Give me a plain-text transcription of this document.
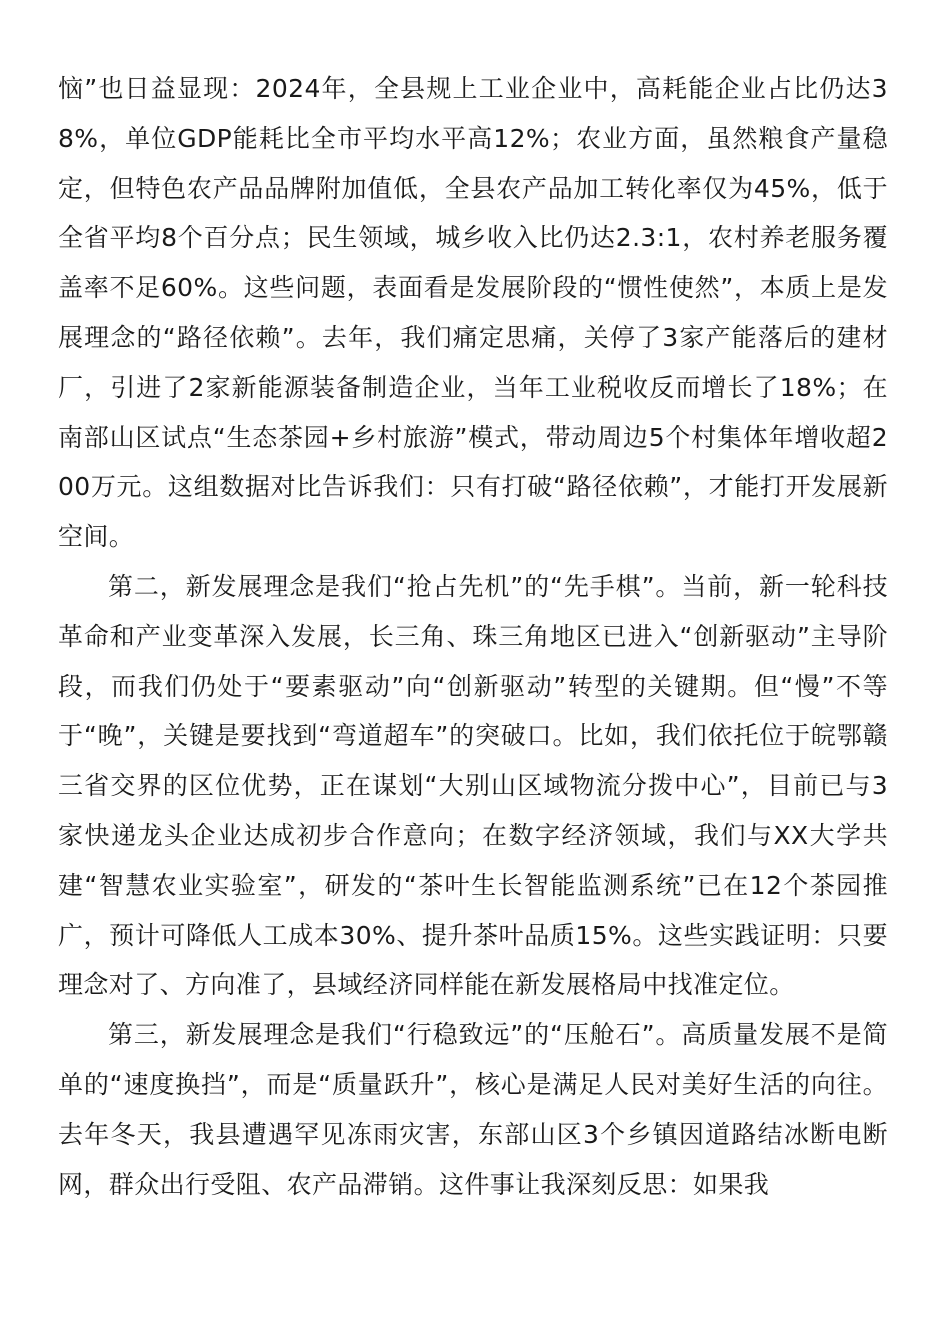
恼”也日益显现：2024年，全县规上工业企业中，高耗能企业占比仍达38%，单位GDP能耗比全市平均水平高12%；农业方面，虽然粮食产量稳定，但特色农产品品牌附加值低，全县农产品加工转化率仅为45%，低于全省平均8个百分点；民生领域，城乡收入比仍达2.3:1，农村养老服务覆盖率不足60%。这些问题，表面看是发展阶段的“惯性使然”，本质上是发展理念的“路径依赖”。去年，我们痛定思痛，关停了3家产能落后的建材厂，引进了2家新能源装备制造企业，当年工业税收反而增长了18%；在南部山区试点“生态茶园+乡村旅游”模式，带动周边5个村集体年增收超200万元。这组数据对比告诉我们：只有打破“路径依赖”，才能打开发展新空间。

第二，新发展理念是我们“抢占先机”的“先手棋”。当前，新一轮科技革命和产业变革深入发展，长三角、珠三角地区已进入“创新驱动”主导阶段，而我们仍处于“要素驱动”向“创新驱动”转型的关键期。但“慢”不等于“晚”，关键是要找到“弯道超车”的突破口。比如，我们依托位于皖鄂赣三省交界的区位优势，正在谋划“大别山区域物流分拨中心”，目前已与3家快递龙头企业达成初步合作意向；在数字经济领域，我们与XX大学共建“智慧农业实验室”，研发的“茶叶生长智能监测系统”已在12个茶园推广，预计可降低人工成本30%、提升茶叶品质15%。这些实践证明：只要理念对了、方向准了，县域经济同样能在新发展格局中找准定位。

第三，新发展理念是我们“行稳致远”的“压舱石”。高质量发展不是简单的“速度换挡”，而是“质量跃升”，核心是满足人民对美好生活的向往。去年冬天，我县遭遇罕见冻雨灾害，东部山区3个乡镇因道路结冰断电断网，群众出行受阻、农产品滞销。这件事让我深刻反思：如果我
